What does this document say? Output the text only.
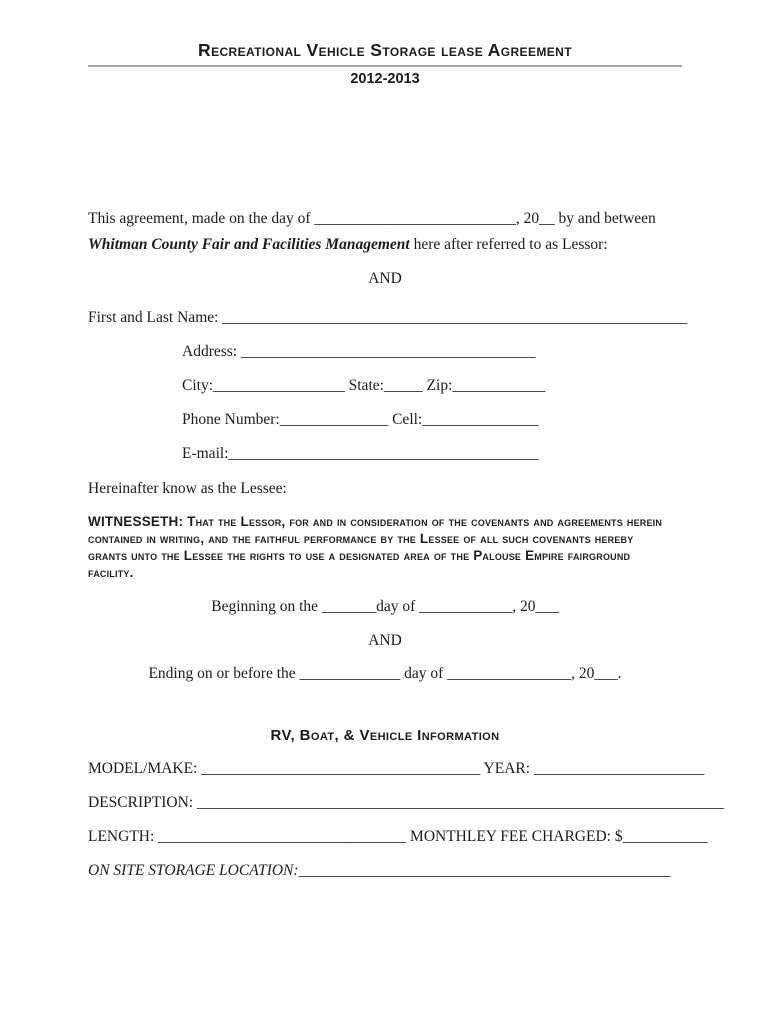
Recreational Vehicle Storage lease Agreement
2012-2013

This agreement, made on the day of __________________________, 20__ by and between
Whitman County Fair and Facilities Management here after referred to as Lessor:

AND
First and Last Name: ____________________________________________________________
Address: ______________________________________
City:_________________ State:_____ Zip:____________
Phone Number:______________ Cell:_______________
E-mail:________________________________________
Hereinafter know as the Lessee:
WITNESSETH: That the Lessor, for and in consideration of the covenants and agreements herein contained in writing, and the faithful performance by the Lessee of all such covenants hereby grants unto the Lessee the rights to use a designated area of the Palouse Empire fairground facility.
Beginning on the _______day of ____________, 20___
AND
Ending on or before the _____________ day of ________________, 20___.
RV, Boat, & Vehicle Information
MODEL/MAKE: ____________________________________ YEAR: ______________________
DESCRIPTION: ____________________________________________________________________
LENGTH: ________________________________ MONTHLEY FEE CHARGED: $___________
ON SITE STORAGE LOCATION:________________________________________________
